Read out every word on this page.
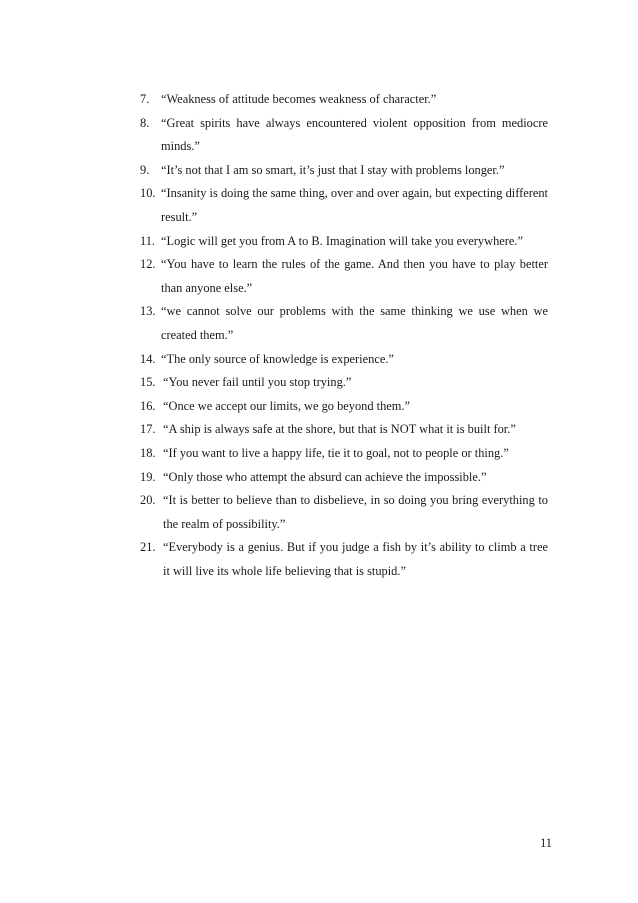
7. “Weakness of attitude becomes weakness of character.”
8. “Great spirits have always encountered violent opposition from mediocre minds.”
9. “It’s not that I am so smart, it’s just that I stay with problems longer.”
10. “Insanity is doing the same thing, over and over again, but expecting different result.”
11. “Logic will get you from A to B. Imagination will take you everywhere.”
12. “You have to learn the rules of the game. And then you have to play better than anyone else.”
13. “we cannot solve our problems with the same thinking we use when we created them.”
14. “The only source of knowledge is experience.”
15. “You never fail until you stop trying.”
16. “Once we accept our limits, we go beyond them.”
17. “A ship is always safe at the shore, but that is NOT what it is built for.”
18. “If you want to live a happy life, tie it to goal, not to people or thing.”
19. “Only those who attempt the absurd can achieve the impossible.”
20. “It is better to believe than to disbelieve, in so doing you bring everything to the realm of possibility.”
21. “Everybody is a genius. But if you judge a fish by it’s ability to climb a tree it will live its whole life believing that is stupid.”
11
